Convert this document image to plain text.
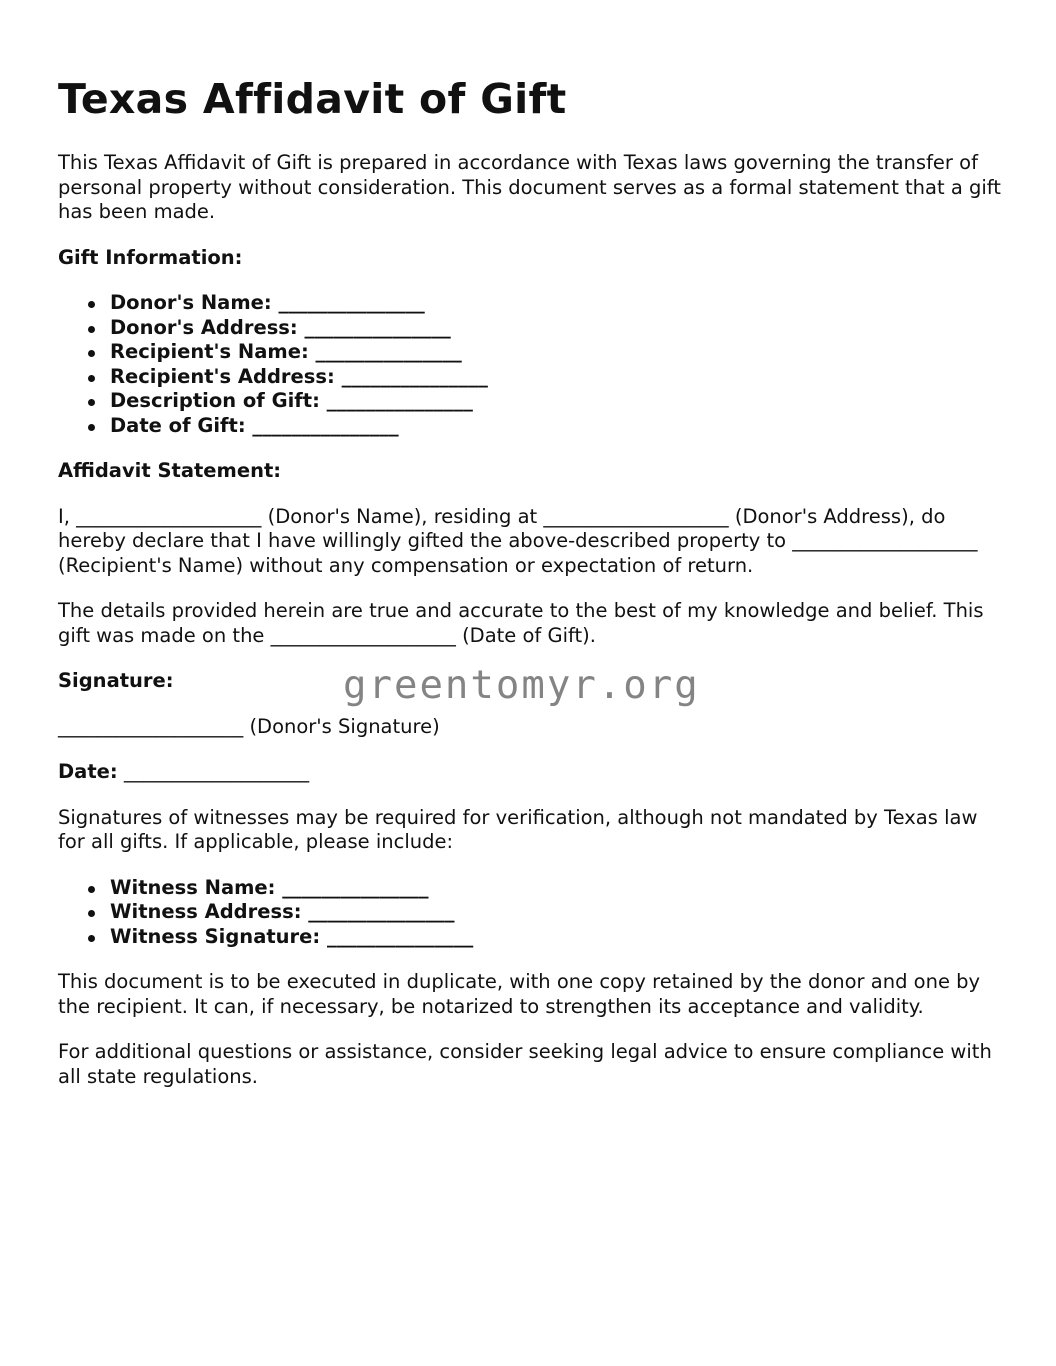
Texas Affidavit of Gift

This Texas Affidavit of Gift is prepared in accordance with Texas laws governing the transfer of personal property without consideration. This document serves as a formal statement that a gift has been made.

Gift Information:
Donor's Name: _______________
Donor's Address: _______________
Recipient's Name: _______________
Recipient's Address: _______________
Description of Gift: _______________
Date of Gift: _______________
Affidavit Statement:

I, ___________________ (Donor's Name), residing at ___________________ (Donor's Address), do hereby declare that I have willingly gifted the above-described property to ___________________ (Recipient's Name) without any compensation or expectation of return.

The details provided herein are true and accurate to the best of my knowledge and belief. This gift was made on the ___________________ (Date of Gift).

Signature:

___________________ (Donor's Signature)

Date: ___________________

Signatures of witnesses may be required for verification, although not mandated by Texas law for all gifts. If applicable, please include:

Witness Name: _______________
Witness Address: _______________
Witness Signature: _______________

This document is to be executed in duplicate, with one copy retained by the donor and one by the recipient. It can, if necessary, be notarized to strengthen its acceptance and validity.

For additional questions or assistance, consider seeking legal advice to ensure compliance with all state regulations.

greentomyr.org
